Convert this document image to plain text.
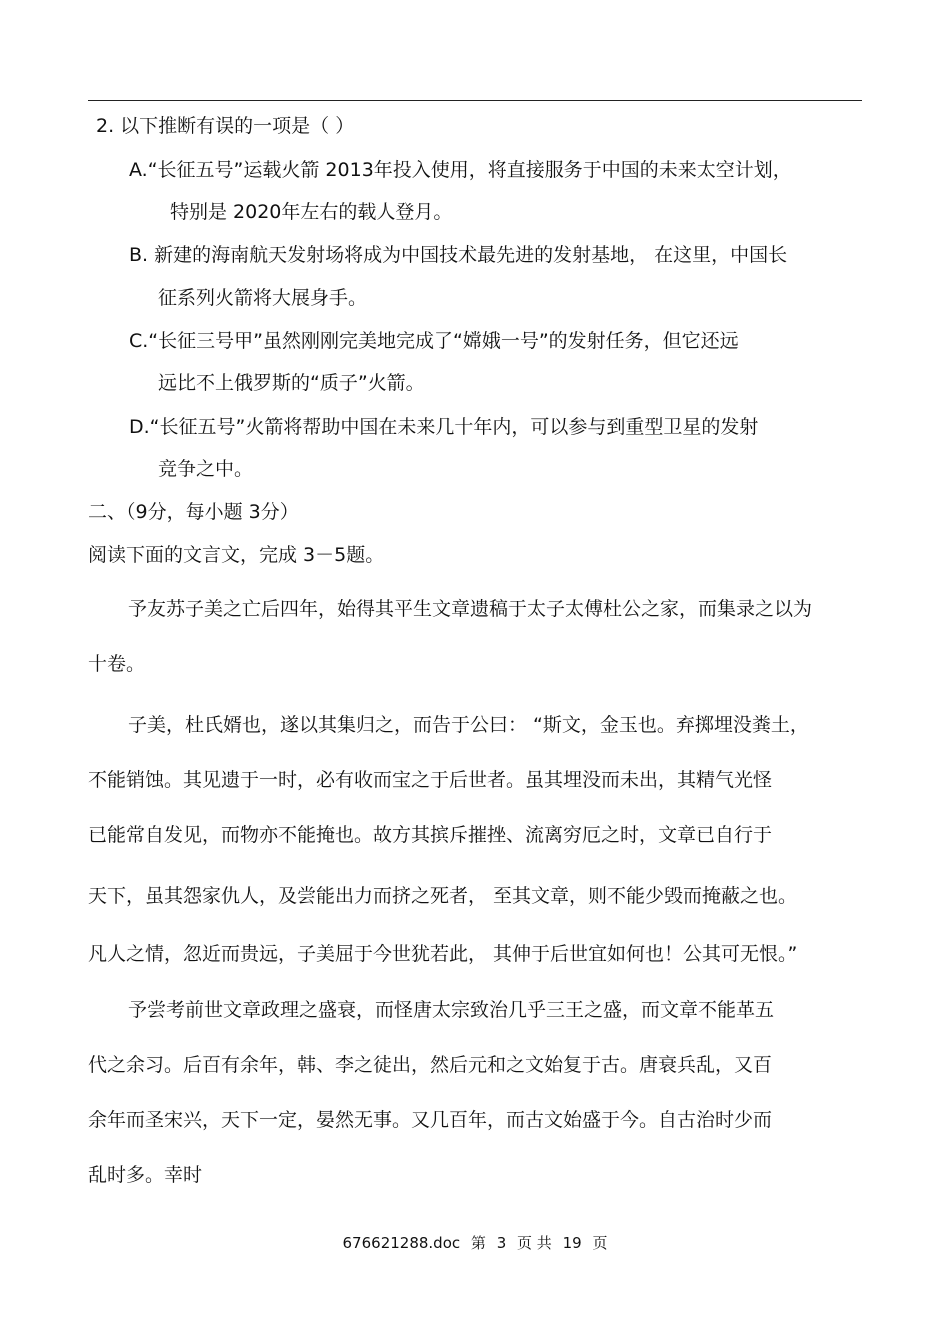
2. 以下推断有误的一项是（ ）
A.“长征五号”运载火箭 2013年投入使用，将直接服务于中国的未来太空计划，
特别是 2020年左右的载人登月。
B. 新建的海南航天发射场将成为中国技术最先进的发射基地， 在这里，中国长
征系列火箭将大展身手。
C.“长征三号甲”虽然刚刚完美地完成了“嫦娥一号”的发射任务，但它还远
远比不上俄罗斯的“质子”火箭。
D.“长征五号”火箭将帮助中国在未来几十年内，可以参与到重型卫星的发射
竞争之中。
二、（9分，每小题 3分）
阅读下面的文言文，完成 3－5题。
予友苏子美之亡后四年，始得其平生文章遗稿于太子太傅杜公之家，而集录之以为
十卷。
子美，杜氏婿也，遂以其集归之，而告于公曰： “斯文，金玉也。弃掷埋没粪土，
不能销蚀。其见遗于一时，必有收而宝之于后世者。虽其埋没而未出，其精气光怪
已能常自发见，而物亦不能掩也。故方其摈斥摧挫、流离穷厄之时，文章已自行于
天下，虽其怨家仇人，及尝能出力而挤之死者， 至其文章，则不能少毁而掩蔽之也。
凡人之情，忽近而贵远，子美屈于今世犹若此， 其伸于后世宜如何也！公其可无恨。”
予尝考前世文章政理之盛衰，而怪唐太宗致治几乎三王之盛，而文章不能革五
代之余习。后百有余年，韩、李之徒出，然后元和之文始复于古。唐衰兵乱，又百
余年而圣宋兴，天下一定，晏然无事。又几百年，而古文始盛于今。自古治时少而
乱时多。幸时
676621288.doc 第 3 页 共 19 页
